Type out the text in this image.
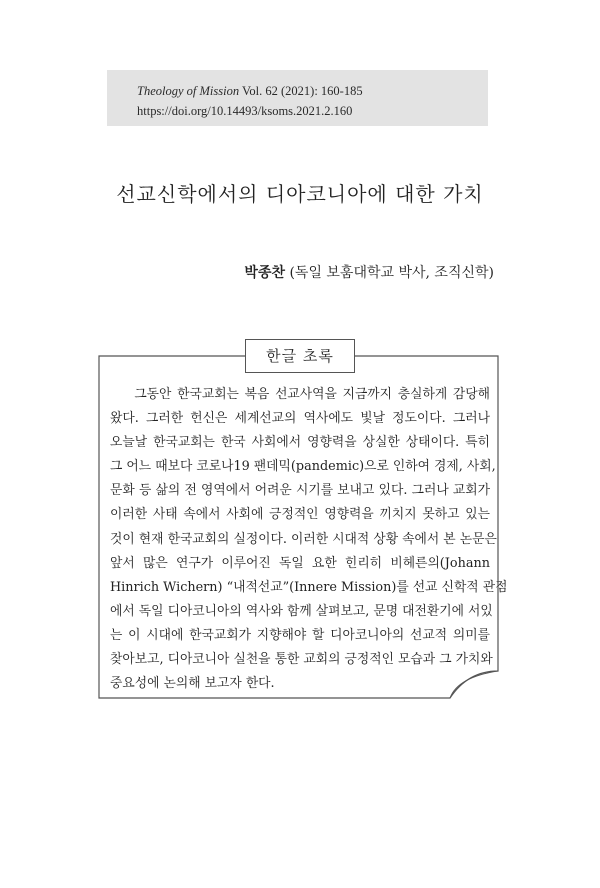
Theology of Mission Vol. 62 (2021): 160-185
https://doi.org/10.14493/ksoms.2021.2.160
선교신학에서의 디아코니아에 대한 가치
박종찬 (독일 보훔대학교 박사, 조직신학)
한글 초록
그동안 한국교회는 복음 선교사역을 지금까지 충실하게 감당해
왔다. 그러한 헌신은 세계선교의 역사에도 빛날 정도이다. 그러나
오늘날 한국교회는 한국 사회에서 영향력을 상실한 상태이다. 특히
그 어느 때보다 코로나19 팬데믹(pandemic)으로 인하여 경제, 사회,
문화 등 삶의 전 영역에서 어려운 시기를 보내고 있다. 그러나 교회가
이러한 사태 속에서 사회에 긍정적인 영향력을 끼치지 못하고 있는
것이 현재 한국교회의 실정이다. 이러한 시대적 상황 속에서 본 논문은
앞서 많은 연구가 이루어진 독일 요한 힌리히 비헤른의(Johann
Hinrich Wichern) “내적선교”(Innere Mission)를 선교 신학적 관점
에서 독일 디아코니아의 역사와 함께 살펴보고, 문명 대전환기에 서있
는 이 시대에 한국교회가 지향해야 할 디아코니아의 선교적 의미를
찾아보고, 디아코니아 실천을 통한 교회의 긍정적인 모습과 그 가치와
중요성에 논의해 보고자 한다.
